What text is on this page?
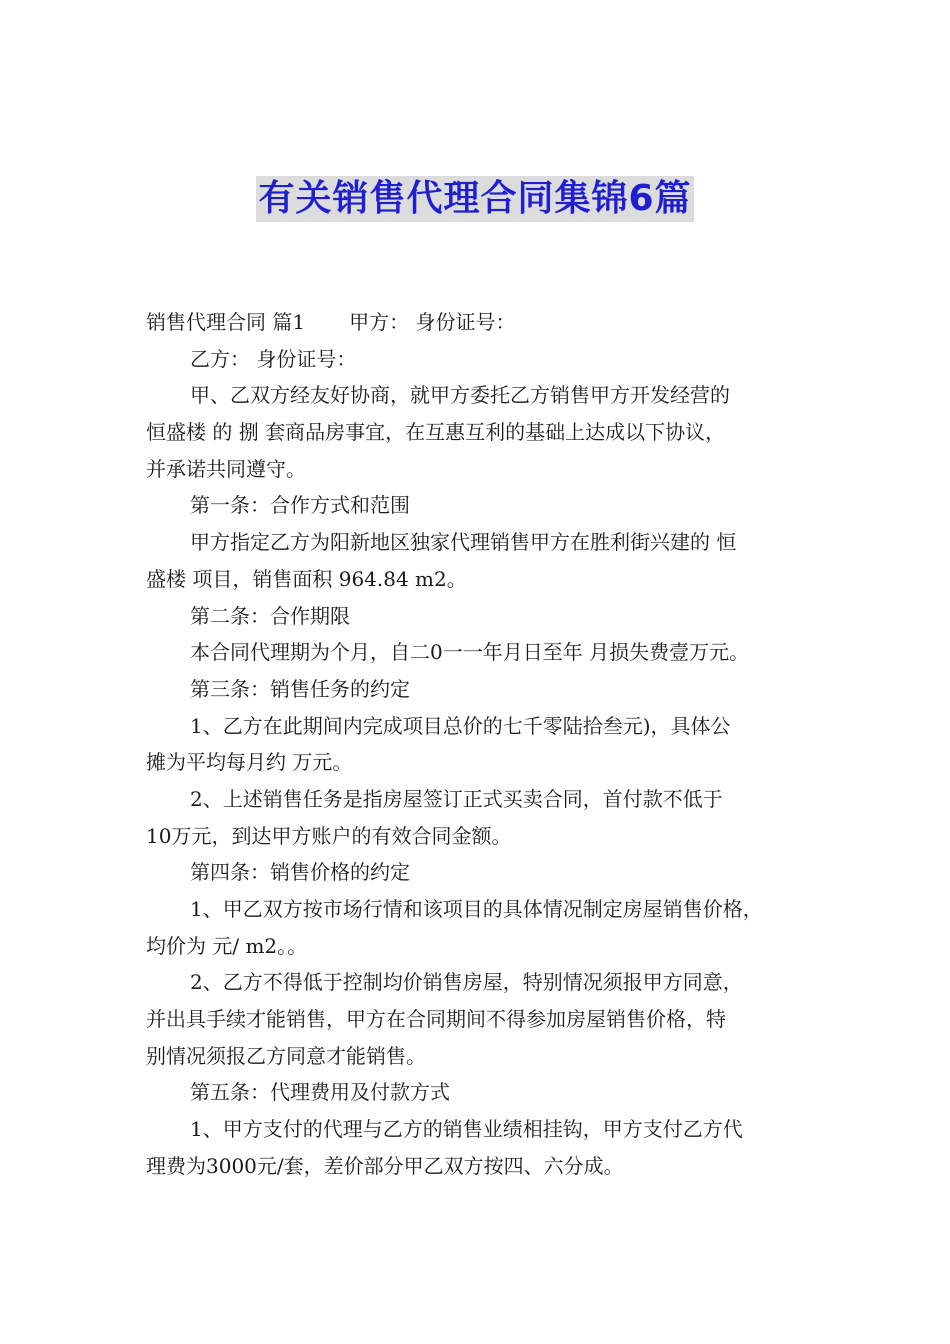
有关销售代理合同集锦6篇
销售代理合同 篇1 甲方： 身份证号：
乙方： 身份证号：
甲、乙双方经友好协商，就甲方委托乙方销售甲方开发经营的
恒盛楼 的 捌 套商品房事宜，在互惠互利的基础上达成以下协议，
并承诺共同遵守。
第一条：合作方式和范围
甲方指定乙方为阳新地区独家代理销售甲方在胜利街兴建的 恒
盛楼 项目，销售面积 964.84 m2。
第二条：合作期限
本合同代理期为个月，自二0一一年月日至年 月损失费壹万元。
第三条：销售任务的约定
1、乙方在此期间内完成项目总价的七千零陆拾叁元)，具体公
摊为平均每月约 万元。
2、上述销售任务是指房屋签订正式买卖合同，首付款不低于
10万元，到达甲方账户的有效合同金额。
第四条：销售价格的约定
1、甲乙双方按市场行情和该项目的具体情况制定房屋销售价格，
均价为 元/ m2。。
2、乙方不得低于控制均价销售房屋，特别情况须报甲方同意，
并出具手续才能销售，甲方在合同期间不得参加房屋销售价格，特
别情况须报乙方同意才能销售。
第五条：代理费用及付款方式
1、甲方支付的代理与乙方的销售业绩相挂钩，甲方支付乙方代
理费为3000元/套，差价部分甲乙双方按四、六分成。
